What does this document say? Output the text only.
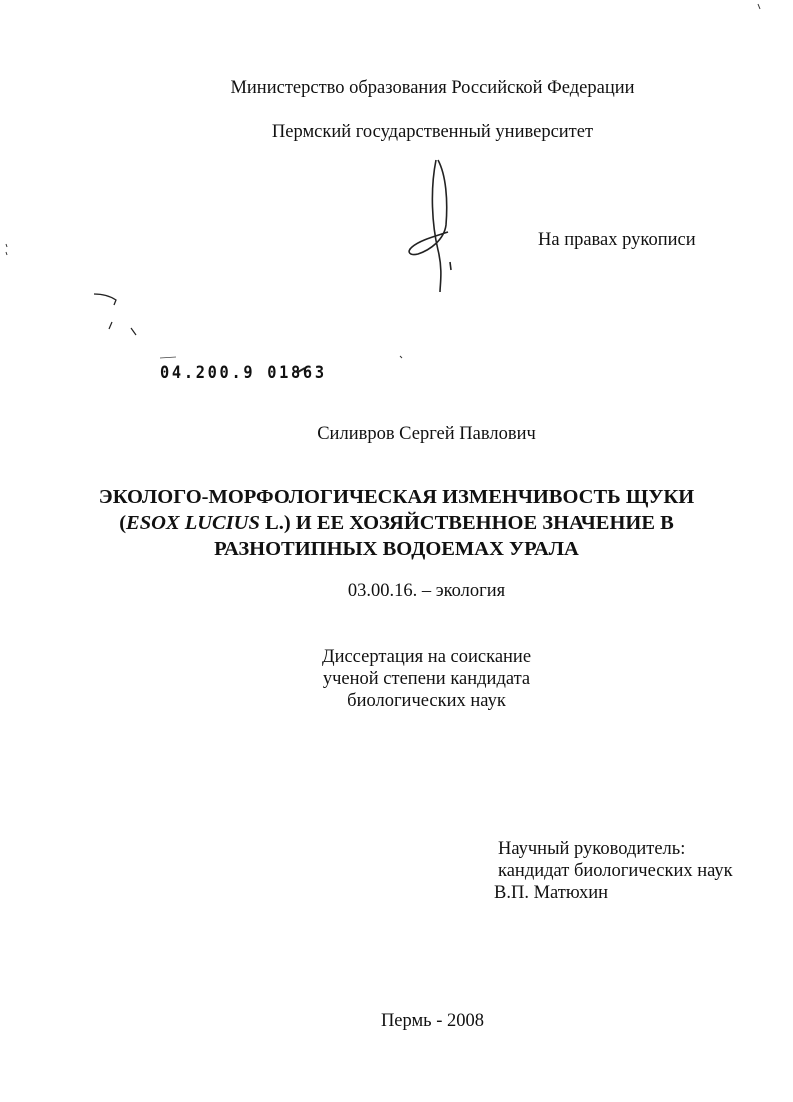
Министерство образования Российской Федерации
Пермский государственный университет
На правах рукописи
04.200.9 01863
Силивров Сергей Павлович
ЭКОЛОГО-МОРФОЛОГИЧЕСКАЯ ИЗМЕНЧИВОСТЬ ЩУКИ
(ESOX LUCIUS L.) И ЕЕ ХОЗЯЙСТВЕННОЕ ЗНАЧЕНИЕ В
РАЗНОТИПНЫХ ВОДОЕМАХ УРАЛА
03.00.16. – экология
Диссертация на соискание
ученой степени кандидата
биологических наук
Научный руководитель:
кандидат биологических наук
В.П. Матюхин
Пермь - 2008
